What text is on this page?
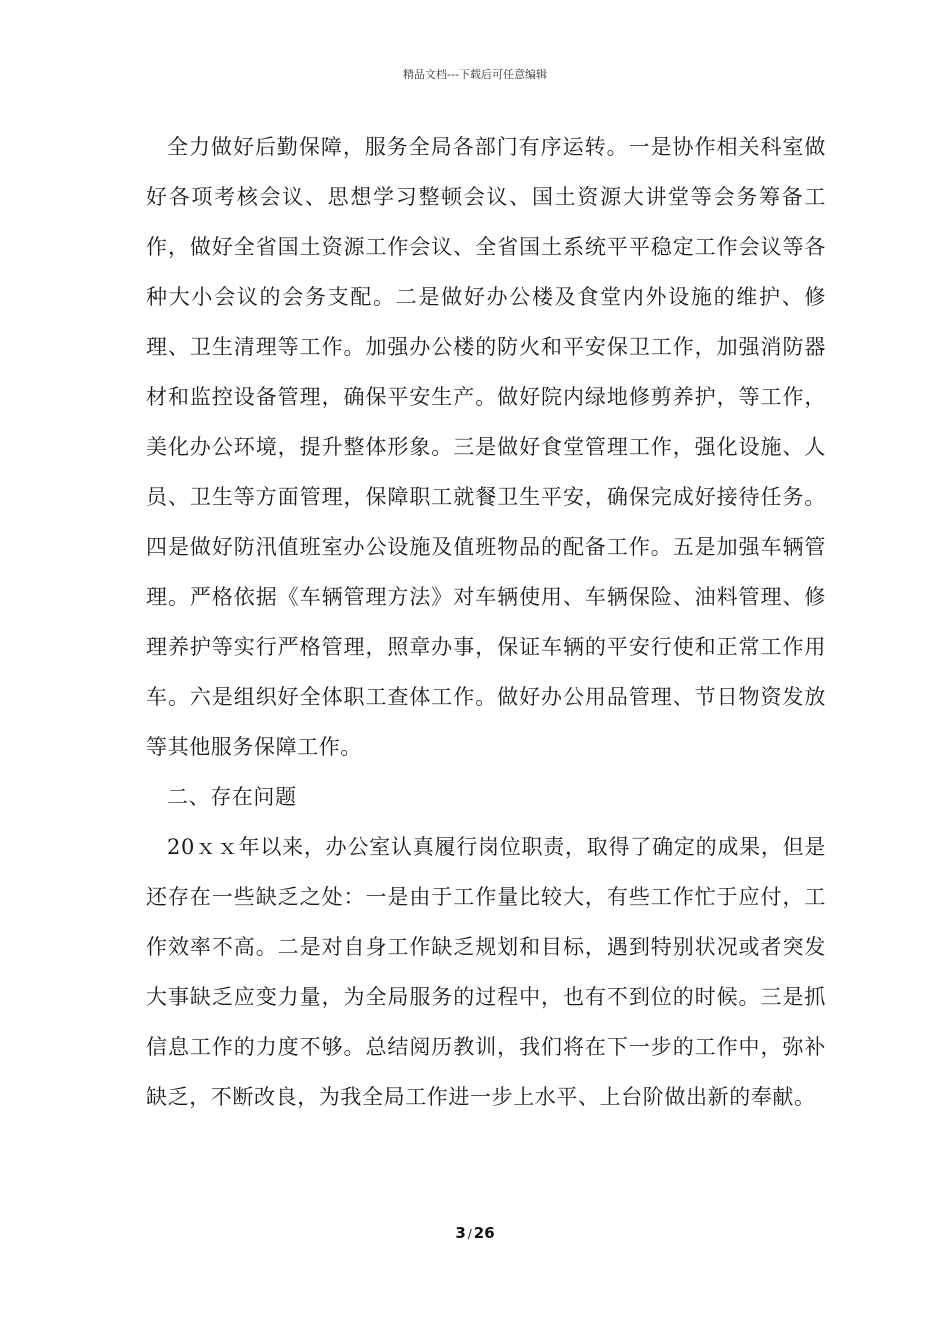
精品文档---下载后可任意编辑

全力做好后勤保障，服务全局各部门有序运转。一是协作相关科室做好各项考核会议、思想学习整顿会议、国土资源大讲堂等会务筹备工作，做好全省国土资源工作会议、全省国土系统平平稳定工作会议等各种大小会议的会务支配。二是做好办公楼及食堂内外设施的维护、修理、卫生清理等工作。加强办公楼的防火和平安保卫工作，加强消防器材和监控设备管理，确保平安生产。做好院内绿地修剪养护，等工作，美化办公环境，提升整体形象。三是做好食堂管理工作，强化设施、人员、卫生等方面管理，保障职工就餐卫生平安，确保完成好接待任务。四是做好防汛值班室办公设施及值班物品的配备工作。五是加强车辆管理。严格依据《车辆管理方法》对车辆使用、车辆保险、油料管理、修理养护等实行严格管理，照章办事，保证车辆的平安行使和正常工作用车。六是组织好全体职工查体工作。做好办公用品管理、节日物资发放等其他服务保障工作。

二、存在问题

20ｘｘ年以来，办公室认真履行岗位职责，取得了确定的成果，但是还存在一些缺乏之处：一是由于工作量比较大，有些工作忙于应付，工作效率不高。二是对自身工作缺乏规划和目标，遇到特别状况或者突发大事缺乏应变力量，为全局服务的过程中，也有不到位的时候。三是抓信息工作的力度不够。总结阅历教训，我们将在下一步的工作中，弥补缺乏，不断改良，为我全局工作进一步上水平、上台阶做出新的奉献。

3 / 26
